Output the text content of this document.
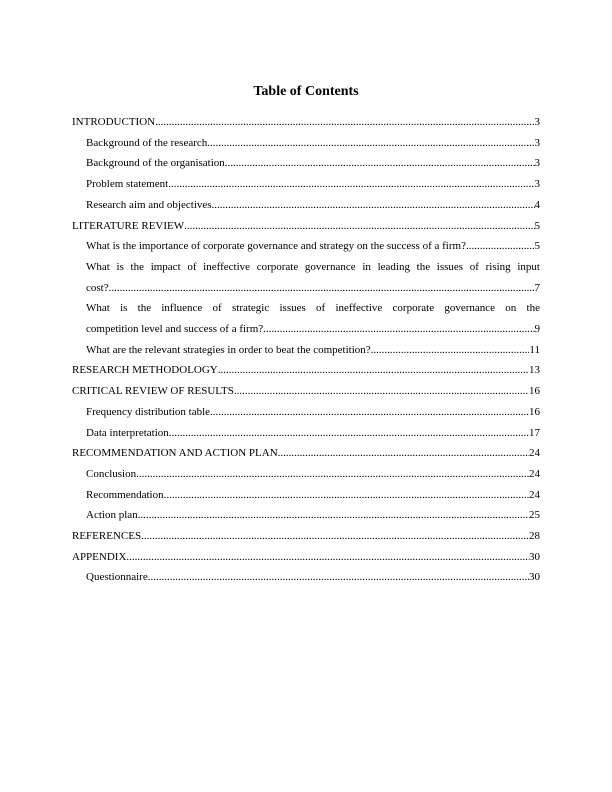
Table of Contents
INTRODUCTION .....	3
Background of the research .....	3
Background of the organisation .....	3
Problem statement .....	3
Research aim and objectives .....	4
LITERATURE REVIEW .....	5
What is the importance of corporate governance and strategy on the success of a firm? .....	5
What is the impact of ineffective corporate governance in leading the issues of rising input
cost? .....	7
What is the influence of strategic issues of ineffective corporate governance on the
competition level and success of a firm? .....	9
What are the relevant strategies in order to beat the competition? .....	11
RESEARCH METHODOLOGY .....	13
CRITICAL REVIEW OF RESULTS .....	16
Frequency distribution table .....	16
Data interpretation .....	17
RECOMMENDATION AND ACTION PLAN .....	24
Conclusion .....	24
Recommendation .....	24
Action plan .....	25
REFERENCES .....	28
APPENDIX .....	30
Questionnaire .....	30
